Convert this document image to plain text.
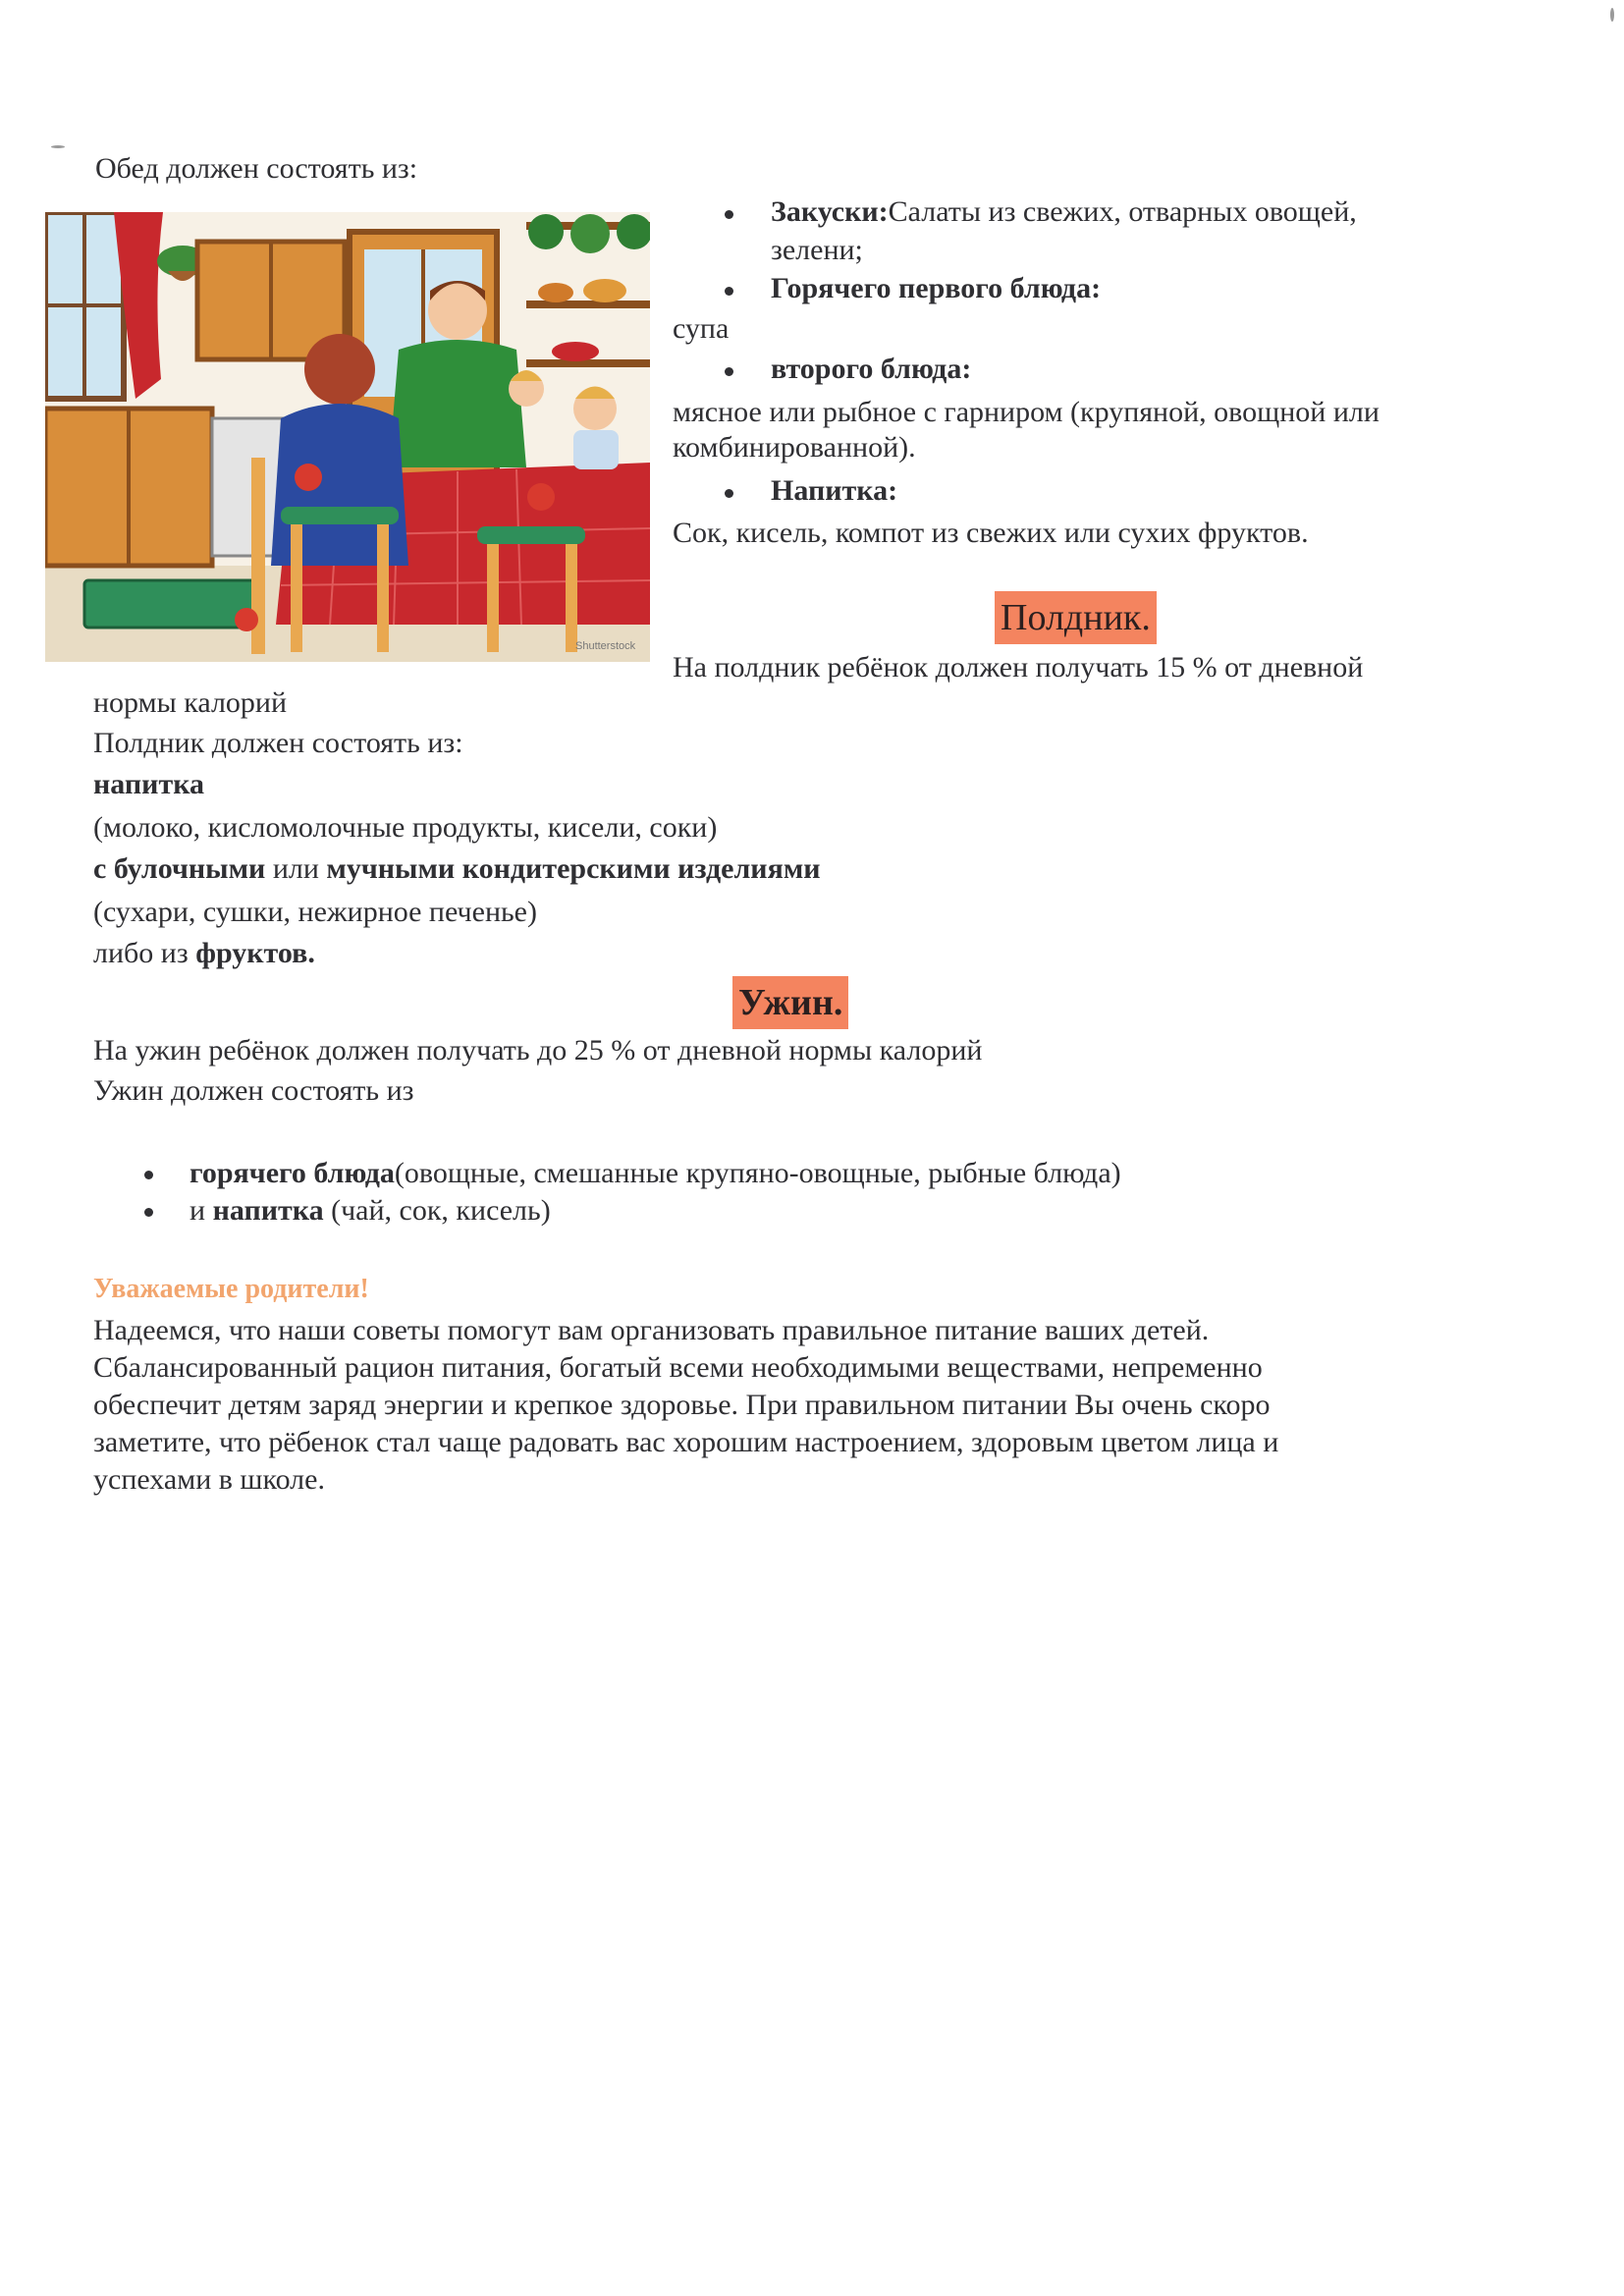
Обед должен состоять из:
Shutterstock
Закуски:Салаты из свежих, отварных овощей,
зелени;
Горячего первого блюда:
супа
второго блюда:
мясное или рыбное с гарниром (крупяной, овощной или
комбинированной).
Напитка:
Сок, кисель, компот из свежих или сухих фруктов.
Полдник.
На полдник ребёнок должен получать 15 % от дневной
нормы калорий
Полдник должен состоять из:
напитка
(молоко, кисломолочные продукты, кисели, соки)
с булочными или мучными кондитерскими изделиями
(сухари, сушки, нежирное печенье)
либо из фруктов.
Ужин.
На ужин ребёнок должен получать до 25 % от дневной нормы калорий
Ужин должен состоять из
горячего блюда(овощные, смешанные крупяно-овощные, рыбные блюда)
и напитка (чай, сок, кисель)
Уважаемые родители!
Надеемся, что наши советы помогут вам организовать правильное питание ваших детей.
Сбалансированный рацион питания, богатый всеми необходимыми веществами, непременно
обеспечит детям заряд энергии и крепкое здоровье. При правильном питании Вы очень скоро
заметите, что рёбенок стал чаще радовать вас хорошим настроением, здоровым цветом лица и
успехами в школе.
